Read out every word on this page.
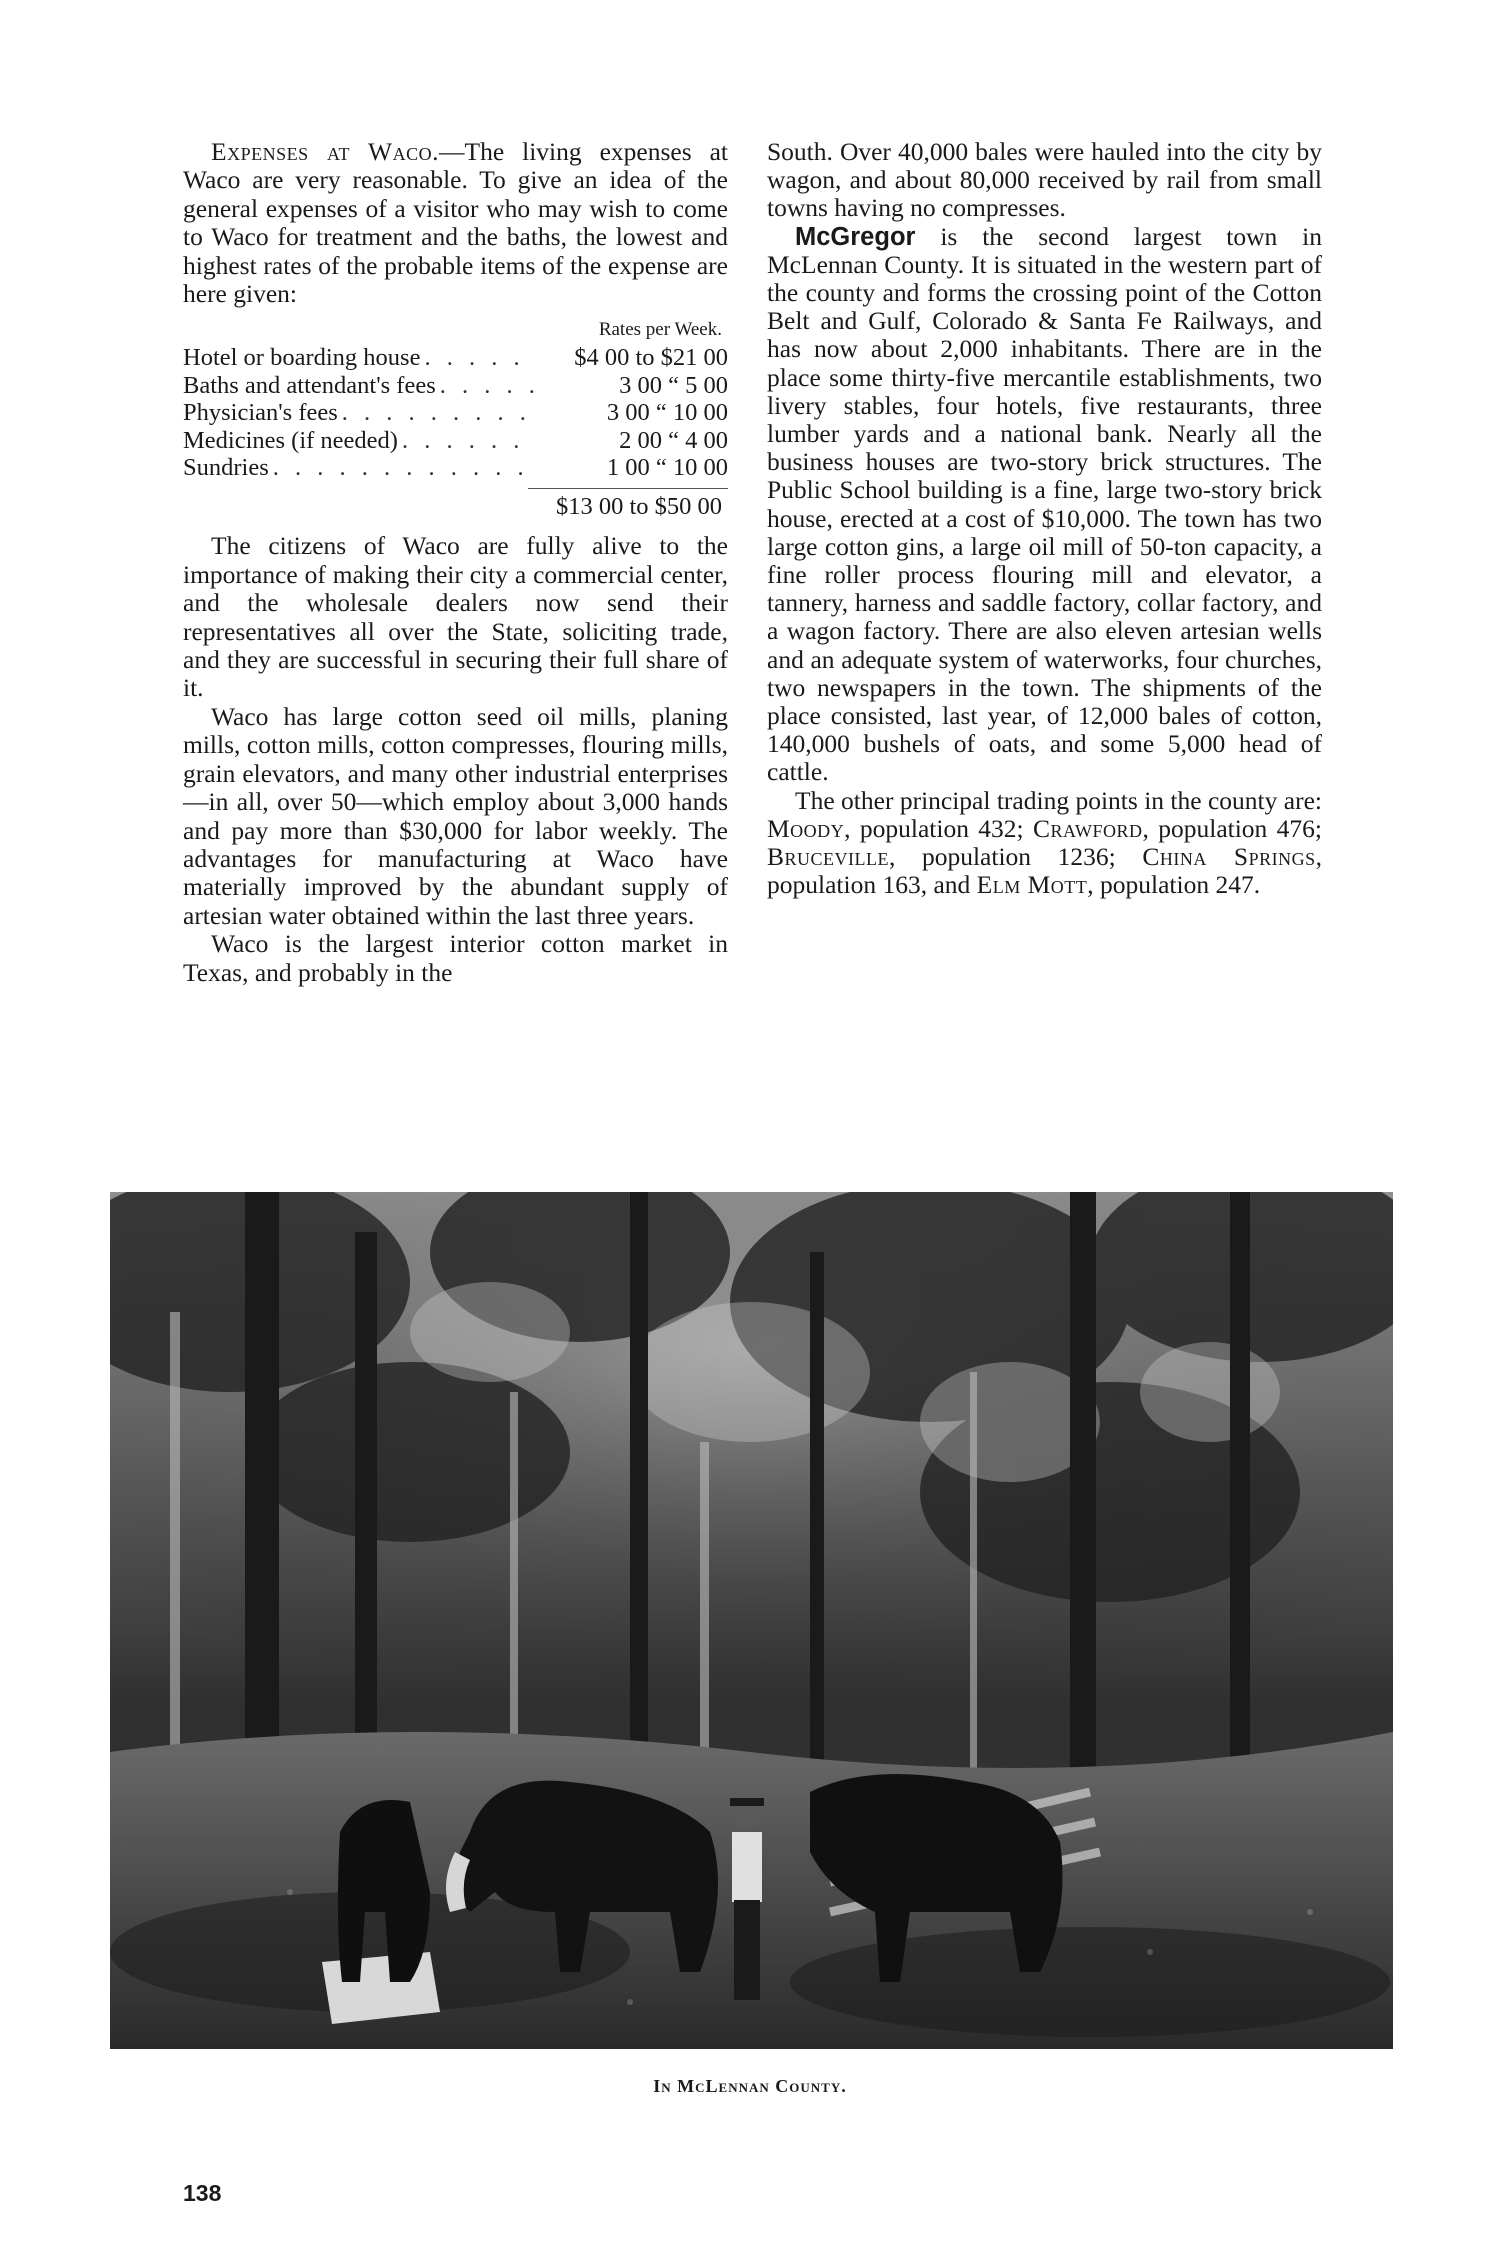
Expenses at Waco.—The living expenses at Waco are very reasonable. To give an idea of the general expenses of a visitor who may wish to come to Waco for treatment and the baths, the lowest and highest rates of the probable items of the expense are here given:

Rates per Week.
Hotel or boarding house . . .	$4 00 to $21 00
Baths and attendant's fees . . .	3 00 “ 5 00
Physician's fees . . .	3 00 “ 10 00
Medicines (if needed) . . .	2 00 “ 4 00
Sundries . . .	1 00 “ 10 00
$13 00 to $50 00

The citizens of Waco are fully alive to the importance of making their city a commercial center, and the wholesale dealers now send their representatives all over the State, soliciting trade, and they are successful in securing their full share of it.

Waco has large cotton seed oil mills, planing mills, cotton mills, cotton compresses, flouring mills, grain elevators, and many other industrial enterprises—in all, over 50—which employ about 3,000 hands and pay more than $30,000 for labor weekly. The advantages for manufacturing at Waco have materially improved by the abundant supply of artesian water obtained within the last three years.

Waco is the largest interior cotton market in Texas, and probably in the

South. Over 40,000 bales were hauled into the city by wagon, and about 80,000 received by rail from small towns having no compresses.

McGregor is the second largest town in McLennan County. It is situated in the western part of the county and forms the crossing point of the Cotton Belt and Gulf, Colorado & Santa Fe Railways, and has now about 2,000 inhabitants. There are in the place some thirty-five mercantile establishments, two livery stables, four hotels, five restaurants, three lumber yards and a national bank. Nearly all the business houses are two-story brick structures. The Public School building is a fine, large two-story brick house, erected at a cost of $10,000. The town has two large cotton gins, a large oil mill of 50-ton capacity, a fine roller process flouring mill and elevator, a tannery, harness and saddle factory, collar factory, and a wagon factory. There are also eleven artesian wells and an adequate system of waterworks, four churches, two newspapers in the town. The shipments of the place consisted, last year, of 12,000 bales of cotton, 140,000 bushels of oats, and some 5,000 head of cattle.

The other principal trading points in the county are: Moody, population 432; Crawford, population 476; Bruceville, population 1236; China Springs, population 163, and Elm Mott, population 247.

In McLennan County.
138
